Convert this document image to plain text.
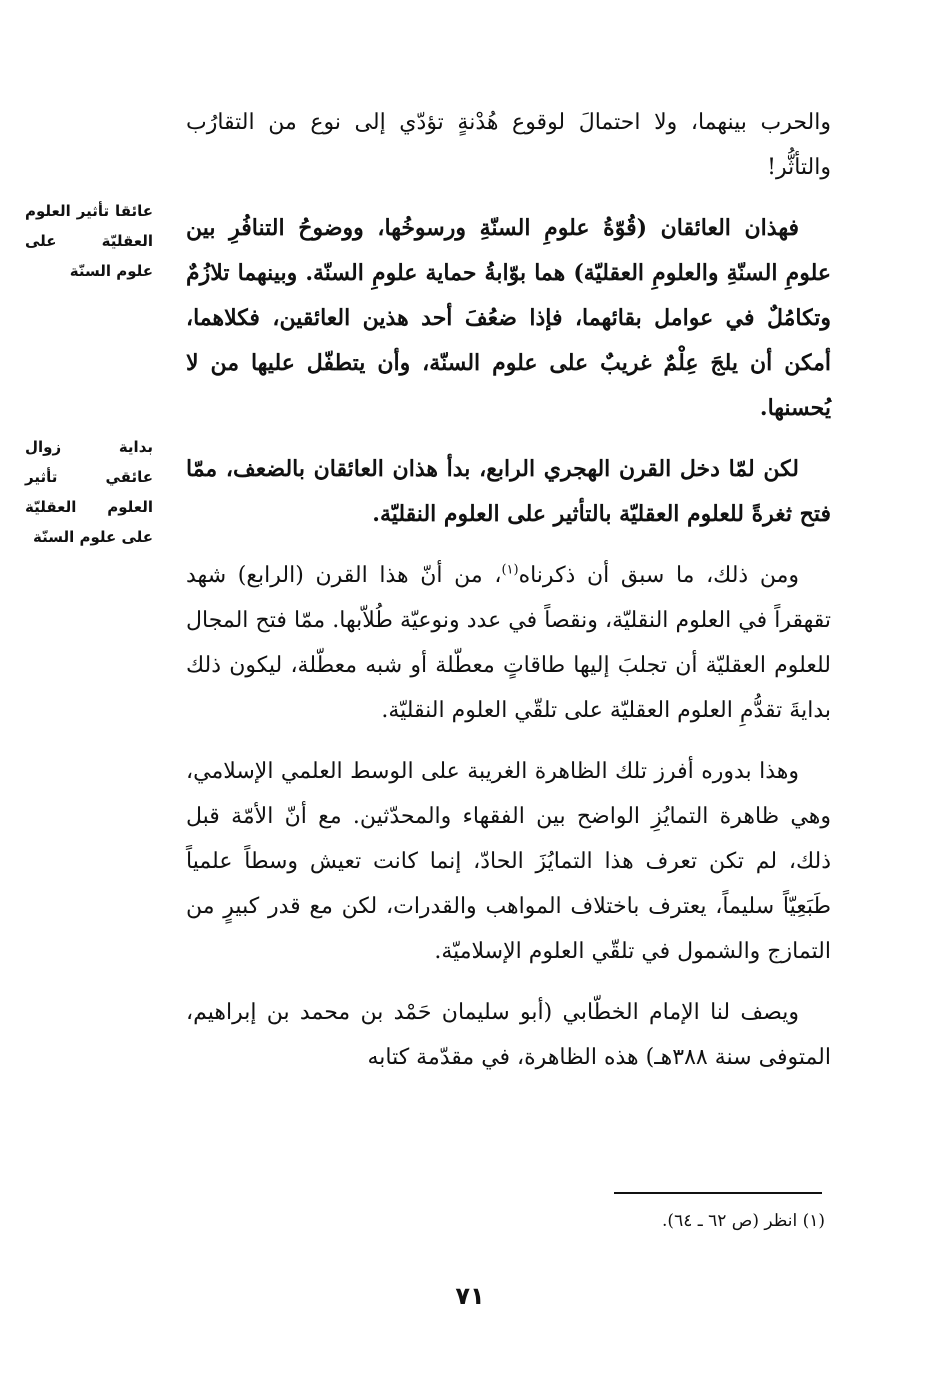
والحرب بينهما، ولا احتمالَ لوقوع هُدْنةٍ تؤدّي إلى نوع من التقارُب والتأثُّر!

فهذان العائقان (قُوّةُ علومِ السنّةِ ورسوخُها، ووضوحُ التنافُرِ بين علومِ السنّةِ والعلومِ العقليّة) هما بوّابةُ حماية علومِ السنّة. وبينهما تلازُمٌ وتكامُلٌ في عوامل بقائهما، فإذا ضعُفَ أحد هذين العائقين، فكلاهما، أمكن أن يلجَ عِلْمٌ غريبٌ على علوم السنّة، وأن يتطفّل عليها من لا يُحسنها.

لكن لمّا دخل القرن الهجري الرابع، بدأ هذان العائقان بالضعف، ممّا فتح ثغرةً للعلوم العقليّة بالتأثير على العلوم النقليّة.

ومن ذلك، ما سبق أن ذكرناه$^{(١)}$، من أنّ هذا القرن (الرابع) شهد تقهقراً في العلوم النقليّة، ونقصاً في عدد ونوعيّة طُلاّبها. ممّا فتح المجال للعلوم العقليّة أن تجلبَ إليها طاقاتٍ معطّلة أو شبه معطّلة، ليكون ذلك بدايةَ تقدُّمِ العلوم العقليّة على تلقّي العلوم النقليّة.

وهذا بدوره أفرز تلك الظاهرة الغريبة على الوسط العلمي الإسلامي، وهي ظاهرة التمايُزِ الواضح بين الفقهاء والمحدّثين. مع أنّ الأمّة قبل ذلك، لم تكن تعرف هذا التمايُزَ الحادّ، إنما كانت تعيش وسطاً علمياً طَبَعِيّاً سليماً، يعترف باختلاف المواهب والقدرات، لكن مع قدر كبيرٍ من التمازج والشمول في تلقّي العلوم الإسلاميّة.

ويصف لنا الإمام الخطّابي (أبو سليمان حَمْد بن محمد بن إبراهيم، المتوفى سنة ٣٨٨هـ) هذه الظاهرة، في مقدّمة كتابه

عائقا تأثير العلوم العقليّة على علوم السنّة
بداية زوال عائقي تأثير العلوم العقليّة على علوم السنّة
(١) انظر (ص ٦٢ ـ ٦٤).
٧١
